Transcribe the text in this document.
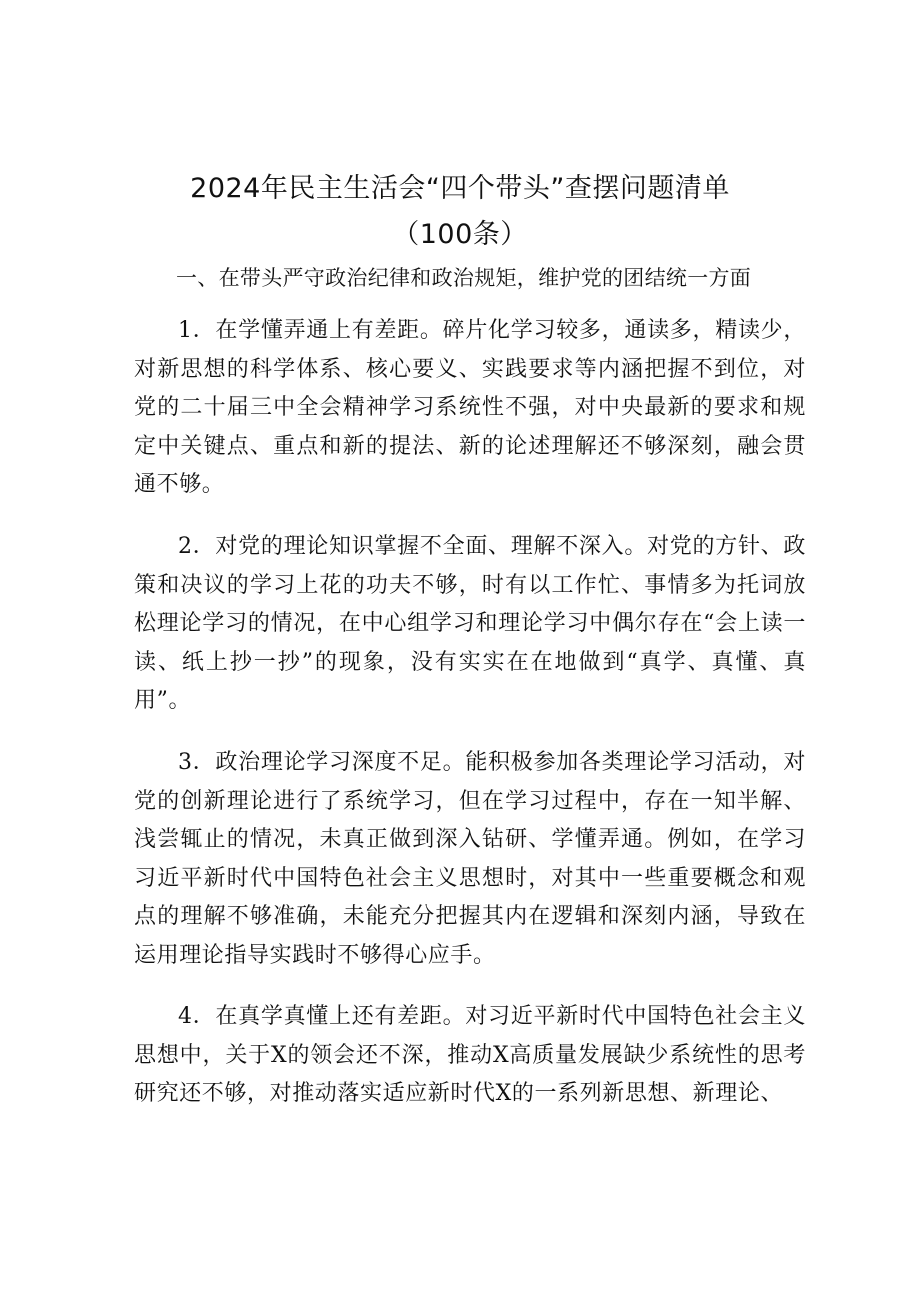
2024年民主生活会“四个带头”查摆问题清单
（100条）
一、在带头严守政治纪律和政治规矩，维护党的团结统一方面

1．在学懂弄通上有差距。碎片化学习较多，通读多，精读少，对新思想的科学体系、核心要义、实践要求等内涵把握不到位，对党的二十届三中全会精神学习系统性不强，对中央最新的要求和规定中关键点、重点和新的提法、新的论述理解还不够深刻，融会贯通不够。

2．对党的理论知识掌握不全面、理解不深入。对党的方针、政策和决议的学习上花的功夫不够，时有以工作忙、事情多为托词放松理论学习的情况，在中心组学习和理论学习中偶尔存在“会上读一读、纸上抄一抄”的现象，没有实实在在地做到“真学、真懂、真用”。

3．政治理论学习深度不足。能积极参加各类理论学习活动，对党的创新理论进行了系统学习，但在学习过程中，存在一知半解、浅尝辄止的情况，未真正做到深入钻研、学懂弄通。例如，在学习习近平新时代中国特色社会主义思想时，对其中一些重要概念和观点的理解不够准确，未能充分把握其内在逻辑和深刻内涵，导致在运用理论指导实践时不够得心应手。

4．在真学真懂上还有差距。对习近平新时代中国特色社会主义思想中，关于X的领会还不深，推动X高质量发展缺少系统性的思考研究还不够，对推动落实适应新时代X的一系列新思想、新理论、
